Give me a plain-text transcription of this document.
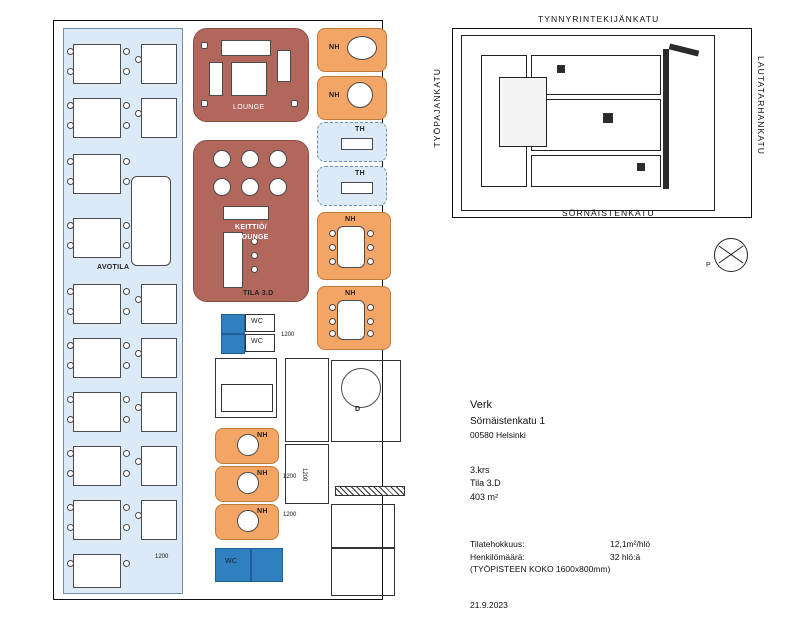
AVOTILA
LOUNGE
KEITTIÖ/
LOUNGE
TILA 3.D
NH
NH
TH
TH
NH
NH
WC
WC
D
NH
NH
NH
WC
1200
1200 1200
1200
1200
TYNNYRINTEKIJÄNKATU
TYÖPAJANKATU	LAUTATARHANKATU
SÖRNÄISTENKATU
P
Verk
Sörnäistenkatu 1
00580 Helsinki
3.krs
Tila 3.D
403 m²
Tilatehokkuus:	12,1m²/hlö
Henkilömäärä:	32 hlö:ä
(TYÖPISTEEN KOKO 1600x800mm)
21.9.2023
